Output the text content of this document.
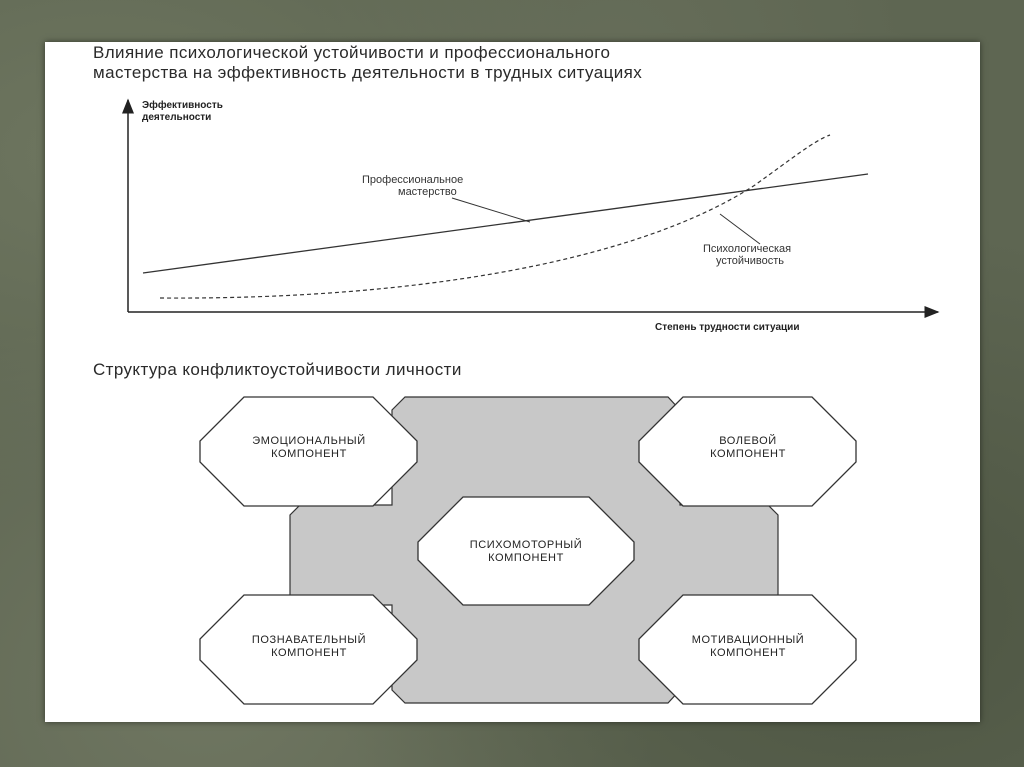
Влияние психологической устойчивости и профессионального
мастерства на эффективность деятельности в трудных ситуациях
Эффективность
деятельности
Степень трудности ситуации
Профессиональное
мастерство
Психологическая
устойчивость
Структура конфликтоустойчивости личности
ЭМОЦИОНАЛЬНЫЙ
КОМПОНЕНТ
ВОЛЕВОЙ
КОМПОНЕНТ
ПСИХОМОТОРНЫЙ
КОМПОНЕНТ
ПОЗНАВАТЕЛЬНЫЙ
КОМПОНЕНТ
МОТИВАЦИОННЫЙ
КОМПОНЕНТ
